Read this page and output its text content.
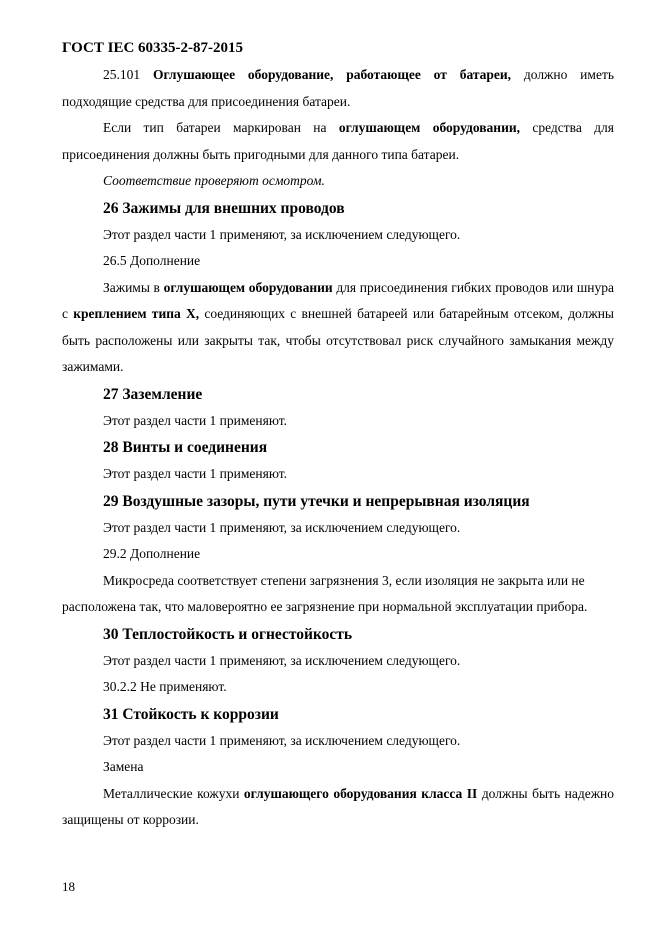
ГОСТ IEC 60335-2-87-2015
25.101 Оглушающее оборудование, работающее от батареи, должно иметь подходящие средства для присоединения батареи.
Если тип батареи маркирован на оглушающем оборудовании, средства для присоединения должны быть пригодными для данного типа батареи.
Соответствие проверяют осмотром.
26 Зажимы для внешних проводов
Этот раздел части 1 применяют, за исключением следующего.
26.5 Дополнение
Зажимы в оглушающем оборудовании для присоединения гибких проводов или шнура с креплением типа X, соединяющих с внешней батареей или батарейным отсеком, должны быть расположены или закрыты так, чтобы отсутствовал риск случайного замыкания между зажимами.
27 Заземление
Этот раздел части 1 применяют.
28 Винты и соединения
Этот раздел части 1 применяют.
29 Воздушные зазоры, пути утечки и непрерывная изоляция
Этот раздел части 1 применяют, за исключением следующего.
29.2 Дополнение
Микросреда соответствует степени загрязнения 3, если изоляция не закрыта или не расположена так, что маловероятно ее загрязнение при нормальной эксплуатации прибора.
30 Теплостойкость и огнестойкость
Этот раздел части 1 применяют, за исключением следующего.
30.2.2 Не применяют.
31 Стойкость к коррозии
Этот раздел части 1 применяют, за исключением следующего.
Замена
Металлические кожухи оглушающего оборудования класса II должны быть надежно защищены от коррозии.
18
